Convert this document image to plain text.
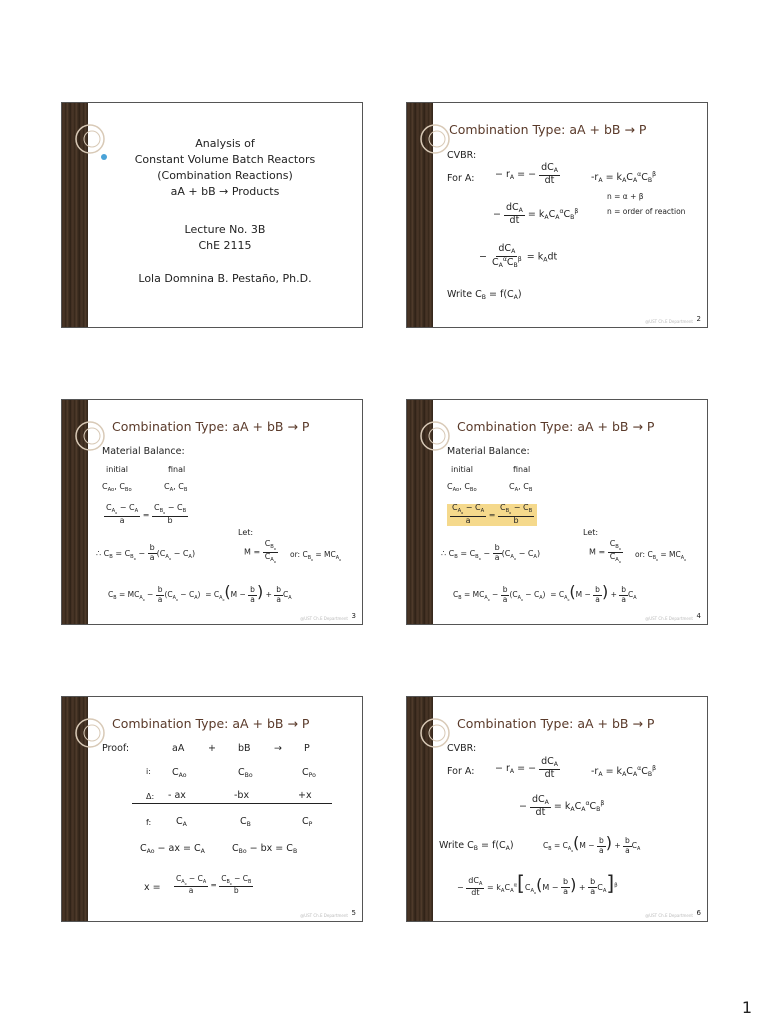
Analysis of
Constant Volume Batch Reactors
(Combination Reactions)
aA + bB → Products
Lecture No. 3B
ChE 2115
Lola Domnina B. Pestaño, Ph.D.
Combination Type: aA + bB → P
CVBR:
For A: − $r_A$ = − $\frac{dC_A}{dt}$	$-r_A = k_AC_A^\alpha C_B^\beta$
n = α + β
n = order of reaction
− $\frac{dC_A}{dt} = k_AC_A^\alpha C_B^\beta$
− $\frac{dC_A}{C_A^\alpha C_B^\beta} = k_Adt$
Write $C_B = f(C_A)$
@UST Ch.E Department 2
Combination Type: aA + bB → P
Material Balance:
initial	final
$C_{Ao}$, $C_{Bo}$	$C_A$, $C_B$
$\frac{C_{A_o} - C_A}{a} = \frac{C_{B_o} - C_B}{b}$
Let:
∴ $C_B = C_{B_o} - \frac{b}{a} (C_{A_o} - C_A)$	$M = \frac{C_{B_o}}{C_{A_o}}$ or: $C_{B_o} = MC_{A_o}$
$C_B = MC_{A_o} - \frac{b}{a} (C_{A_o} - C_A) = C_{A_o}(M - \frac{b}{a}$ ) + $\frac{b}{a} C_A$
@UST Ch.E Department 3
Combination Type: aA + bB → P
Material Balance:
initial	final
$C_{Ao}$, $C_{Bo}$	$C_A$, $C_B$
$\frac{C_{A_o} - C_A}{a} = \frac{C_{B_o} - C_B}{b}$
Let:
∴ $C_B = C_{B_o} - \frac{b}{a} (C_{A_o} - C_A)$	$M = \frac{C_{B_o}}{C_{A_o}}$ or: $C_{B_o} = MC_{A_o}$
$C_B = MC_{A_o} - \frac{b}{a} (C_{A_o} - C_A) = C_{A_o}(M - \frac{b}{a}$ ) + $\frac{b}{a} C_A$
@UST Ch.E Department 4
Combination Type: aA + bB → P
Proof:	aA + bB → P
i: $C_{Ao}$	$C_{Bo}$	$C_{Po}$
Δ: - ax	-bx	+x
f:	$C_A$	$C_B$	$C_P$
$C_{Ao}$ − ax = $C_A$	$C_{Bo}$ − bx = $C_B$
$x = \frac{C_{A_o} - C_A}{a} = \frac{C_{B_o} - C_B}{b}$
@UST Ch.E Department 5
Combination Type: aA + bB → P
CVBR:
For A: − $r_A$ = − $\frac{dC_A}{dt}$	$-r_A = k_AC_A^\alpha C_B^\beta$
− $\frac{dC_A}{dt} = k_AC_A^\alpha C_B^\beta$
Write $C_B = f(C_A)$	$C_B = C_{A_o}(M - \frac{b}{a}$ ) + $\frac{b}{a} C_A$
− $\frac{dC_A}{dt} = k_AC_A^\alpha[C_{A_o}(M - \frac{b}{a}$ ) + $\frac{b}{a} C_A]^\beta$
@UST Ch.E Department 6
1
